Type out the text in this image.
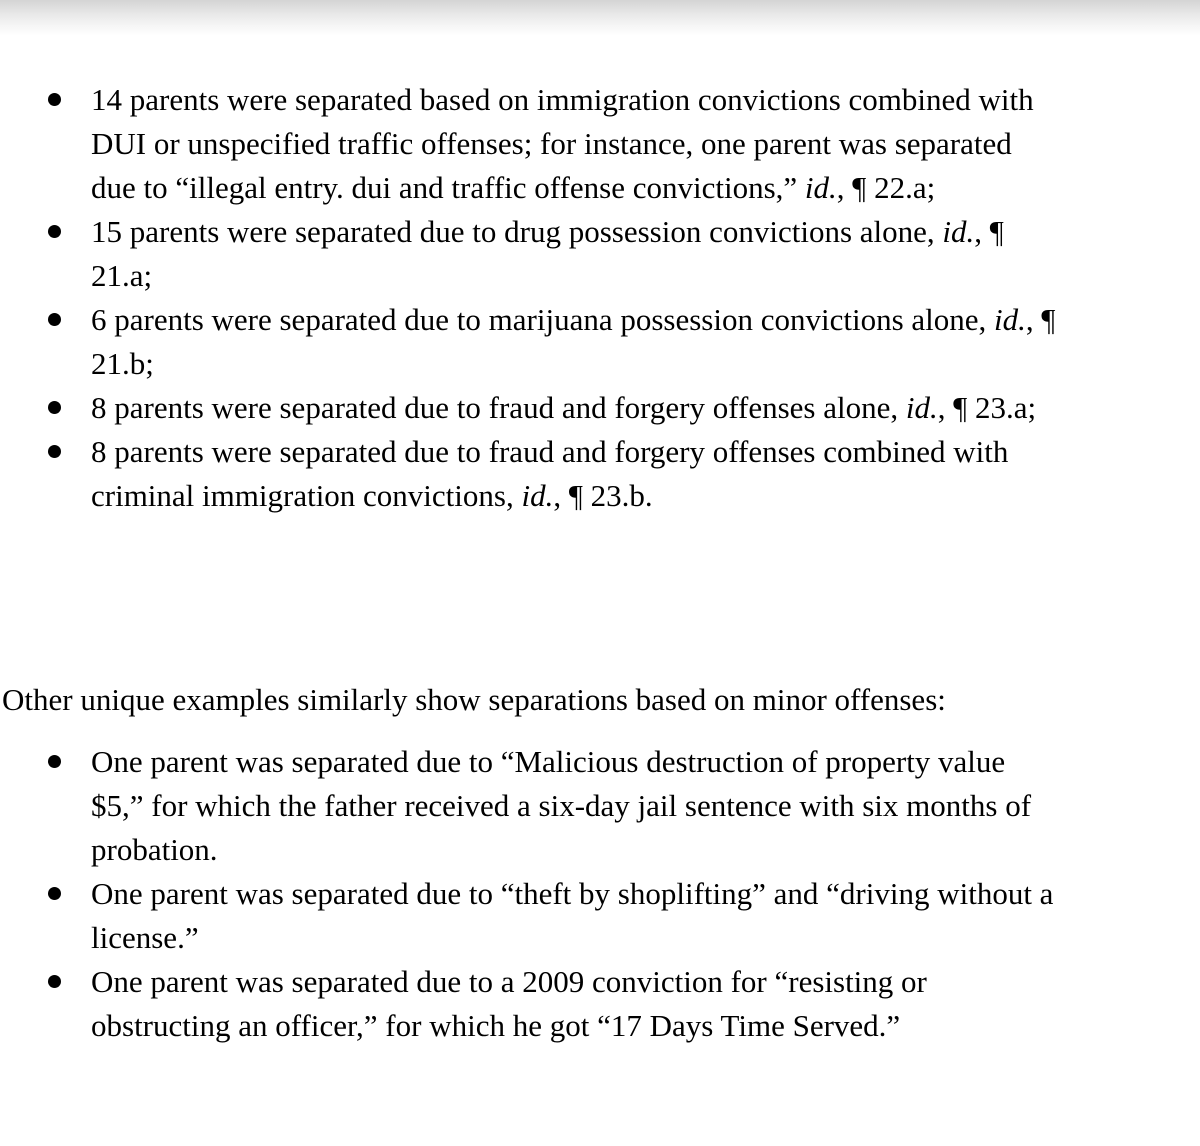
14 parents were separated based on immigration convictions combined with
DUI or unspecified traffic offenses; for instance, one parent was separated
due to “illegal entry. dui and traffic offense convictions,” id., ¶ 22.a;
15 parents were separated due to drug possession convictions alone, id., ¶
21.a;
6 parents were separated due to marijuana possession convictions alone, id., ¶
21.b;
8 parents were separated due to fraud and forgery offenses alone, id., ¶ 23.a;
8 parents were separated due to fraud and forgery offenses combined with
criminal immigration convictions, id., ¶ 23.b.
Other unique examples similarly show separations based on minor offenses:
One parent was separated due to “Malicious destruction of property value
$5,” for which the father received a six-day jail sentence with six months of
probation.
One parent was separated due to “theft by shoplifting” and “driving without a
license.”
One parent was separated due to a 2009 conviction for “resisting or
obstructing an officer,” for which he got “17 Days Time Served.”
